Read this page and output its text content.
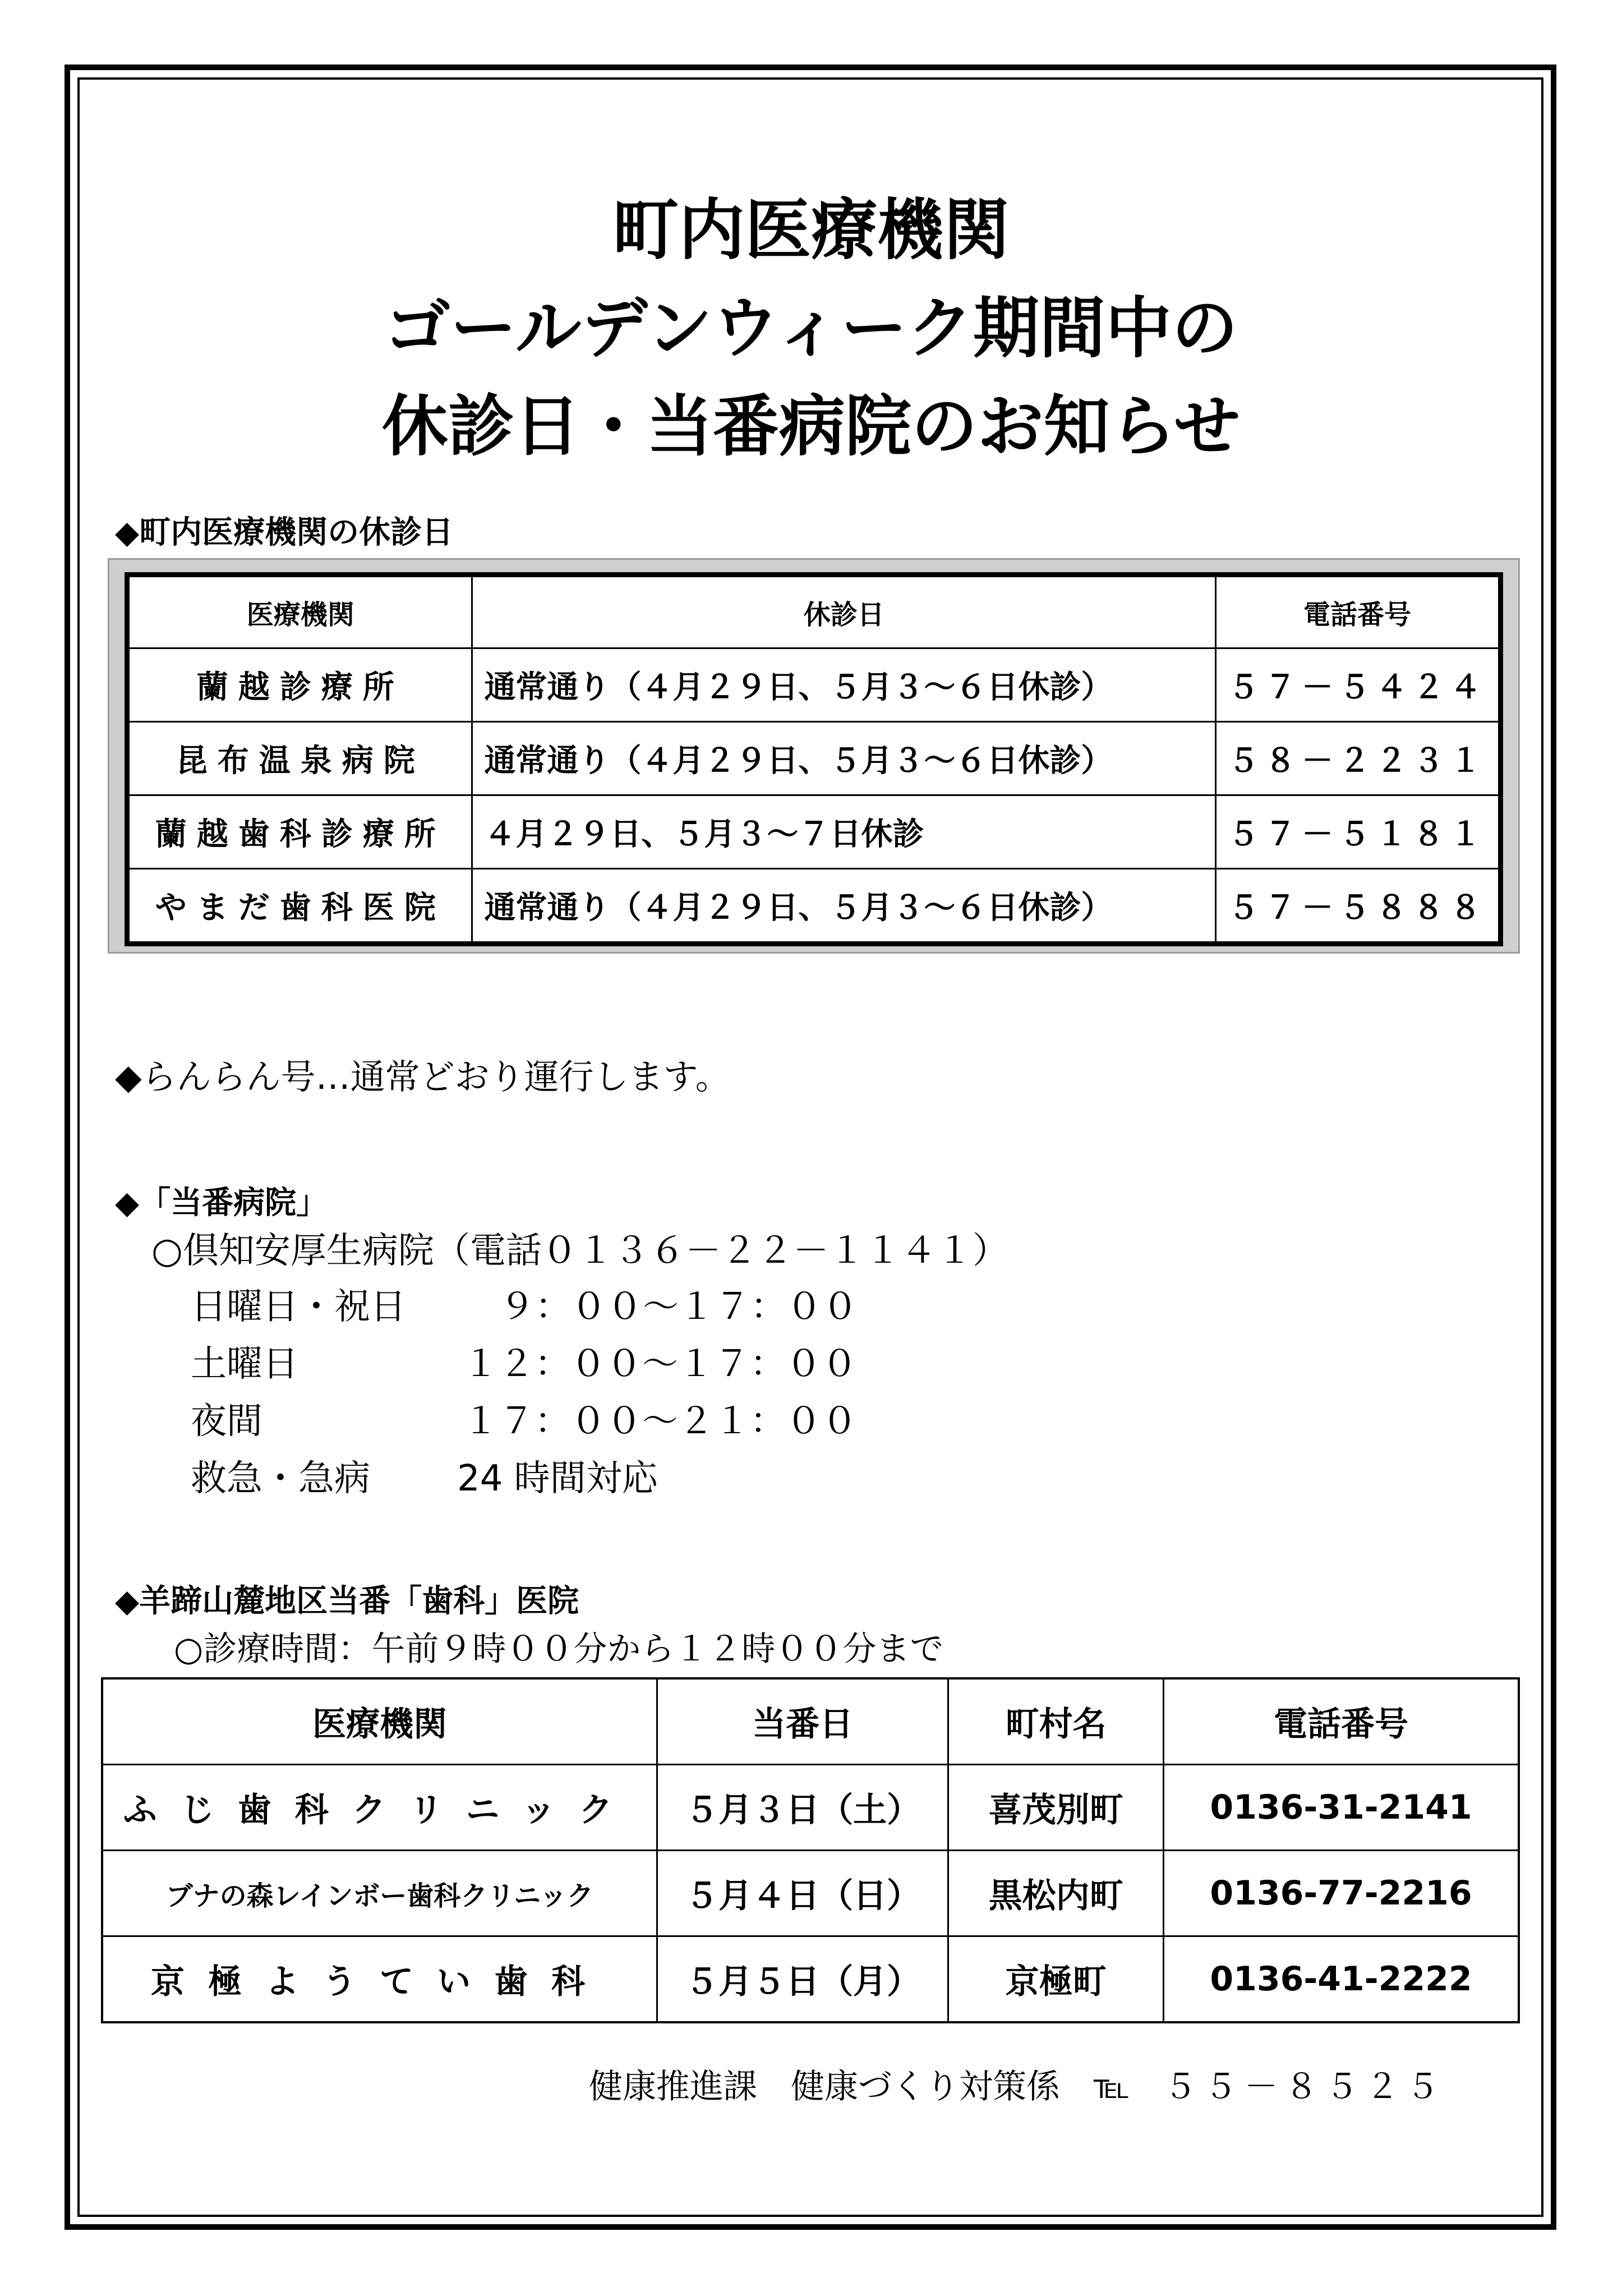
町内医療機関
ゴールデンウィーク期間中の
休診日・当番病院のお知らせ
◆町内医療機関の休診日
医療機関	休診日	電話番号
蘭越診療所	通常通り（４月２９日、５月３～６日休診）	５７－５４２４
昆布温泉病院	通常通り（４月２９日、５月３～６日休診）	５８－２２３１
蘭越歯科診療所	４月２９日、５月３～７日休診	５７－５１８１
やまだ歯科医院	通常通り（４月２９日、５月３～６日休診）	５７－５８８８
◆らんらん号…通常どおり運行します。
◆「当番病院」
○倶知安厚生病院（電話０１３６－２２－１１４１）
日曜日・祝日	９：００～１７：００
土曜日	１２：００～１７：００
夜間	１７：００～２１：００
救急・急病 24 時間対応
◆羊蹄山麓地区当番「歯科」医院
○診療時間：午前９時００分から１２時００分まで
医療機関	当番日	町村名	電話番号
ふじ歯科クリニック	５月３日（土）	喜茂別町	0136-31-2141
ブナの森レインボー歯科クリニック	５月４日（日）	黒松内町	0136-77-2216
京極ようてい歯科	５月５日（月）	京極町	0136-41-2222
健康推進課　健康づくり対策係　 ℡　 ５５－８５２５
